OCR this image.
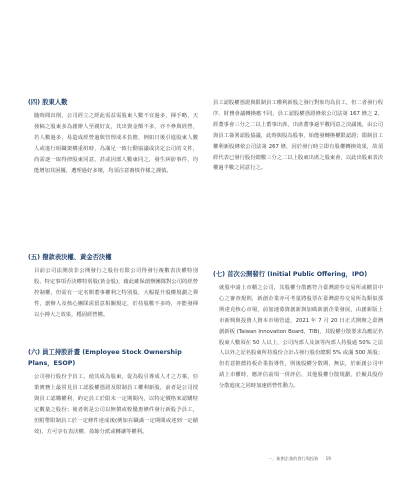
(四) 股東人數
隨時間出削，公司經立之經此需益需股東人數不宜過多，揮手略，天發稿之股東多為創辦人至親好友，其出資金額不多，亦不參與經營，若人數過多，易造成經營過與管理成本負擔，例如日後引進股東人數人或進行組織架構重組時，為滿足一致行動協議或決定公司的文件，尚需逐一取得律股東同意，甚或因部人數東同之，發生糾紛事件，均能增加其困擾，遭理過好多壞，均須注意審慎作樣之謹慎。
(五) 撥款表決權、黃金否決權
目前公司法開放非公開發行之股份有限公司得發行複數表決權特別股、特定事項否決權特別股(黃金股)，藉此確保創辦團隊對公司的經營控制權，但需有一定名額董事權利之特別股，大幅提升股權規劃之彈性，創辦人及核心團隊需留意相關規定，於持股數不多時，亦能發揮以小搏大之效果，穩固經營權。
(六) 員工持股計畫 (Employee Stock Ownership Plans，ESOP)
公司發行股份予員工，使其成為股東，促為股引導成人才之方案，亞策實務上最常見員工認股權憑證及限制員工權利新股，前者是公司授與員工認購權利，約定員工於限未一定期間內，以特定價格來認購特定數量之股份；後者則是公司以無償或較優惠條件發行新股予員工，但附帶限制員工於一定條件達成後(例如在職滿一定期間或達到一定績效)，方可享有表決權、盈餘分派或轉讓等權利。
員工認股權憑證與限制員工權利新股之發行對象均為員工，但二者發行程序、財務會議轉換應不同，員工認股權憑證條依公司法第 167 條之 2，經董事會三分之二以上董事出席，出席董事過半數同意之決議後，由公司與員工簽署認股協議，此時與股為股事，始能發轉換權限認證；限制員工權利新股條依公司法第 267 條，因於發行時立即有股權轉換效果，故須經代表已發行股份總數三分之二以上股東出席之股東會，以此出股東表決權過半數之同意行之。
(七) 首次公開發行 (Initial Public Offering，IPO)
就股申請上市櫃之公司，其股權分散應符合臺灣證券交易所或櫃買中心之審查規則，新創企業亦可考量將股票在臺灣證券交易所為類似那斯達克核心市場，前加速募資創新與加碼新創企業發展，由創新版上市新興與投資人資本市場管道，2021 年 7 月 20 日正式開辦之臺灣創新板 (Taiwan Innovation Board，TIB)，其股權分散要求為應記名股東人數須在 50 人以上，公司內部人及該等內部人持股逾 50% 之法人以外之記名股東所持股份合計占發行股份總額 5% 或滿 500 萬股；但若意推薦持板企業指導性，則後股權分散期，無法，於新創公司申請上市櫃時，應評估前項一併評估，其他股權分散規劃，於擬具股份分散進度之同時加速經營性動力。
一、新創企業的發行與投資 19
